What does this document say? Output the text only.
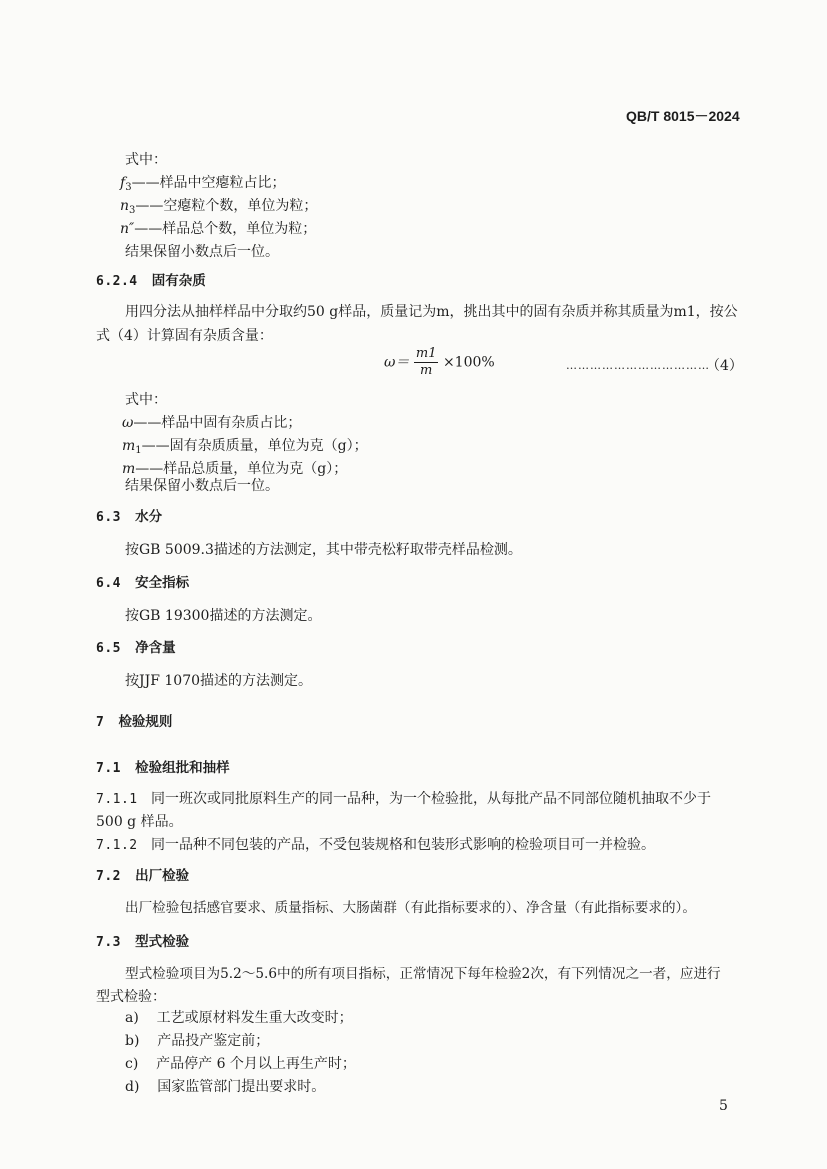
QB/T 8015－2024
式中：
$f_3——$样品中空瘪粒占比；
$n_3——$空瘪粒个数，单位为粒；
n″——样品总个数，单位为粒；
结果保留小数点后一位。
6.2.4 固有杂质
用四分法从抽样样品中分取约50 g样品，质量记为m，挑出其中的固有杂质并称其质量为m1，按公
式（4）计算固有杂质含量：
$\omega= \frac{m1}{m} \times 100\%$	………………………………
（4）
式中：
ω——样品中固有杂质占比；
$m_1——$固有杂质质量，单位为克（g）；
m——样品总质量，单位为克（g）；
结果保留小数点后一位。
6.3 水分
按GB 5009.3描述的方法测定，其中带壳松籽取带壳样品检测。
6.4 安全指标
按GB 19300描述的方法测定。
6.5 净含量
按JJF 1070描述的方法测定。
7 检验规则
7.1 检验组批和抽样
7.1.1 同一班次或同批原料生产的同一品种，为一个检验批，从每批产品不同部位随机抽取不少于
500 g 样品。
7.1.2 同一品种不同包装的产品，不受包装规格和包装形式影响的检验项目可一并检验。
7.2 出厂检验
出厂检验包括感官要求、质量指标、大肠菌群（有此指标要求的）、净含量（有此指标要求的）。
7.3 型式检验
型式检验项目为5.2～5.6中的所有项目指标，正常情况下每年检验2次，有下列情况之一者，应进行
型式检验：
a) 工艺或原材料发生重大改变时；
b) 产品投产鉴定前；
c) 产品停产 6 个月以上再生产时；
d) 国家监管部门提出要求时。
5
